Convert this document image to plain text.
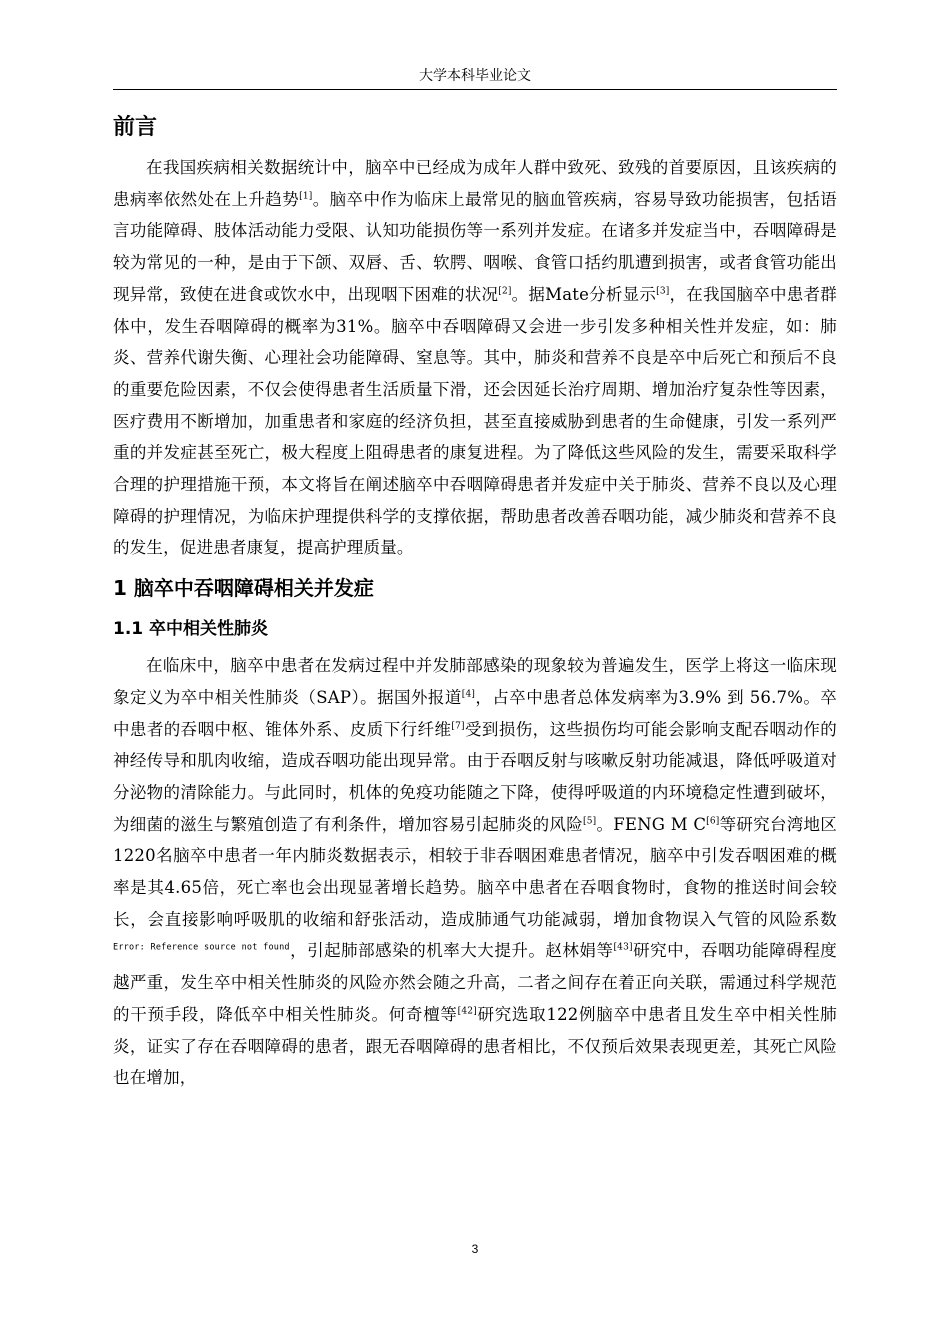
大学本科毕业论文
前言

在我国疾病相关数据统计中，脑卒中已经成为成年人群中致死、致残的首要原因，且该疾病的患病率依然处在上升趋势[1]。脑卒中作为临床上最常见的脑血管疾病，容易导致功能损害，包括语言功能障碍、肢体活动能力受限、认知功能损伤等一系列并发症。在诸多并发症当中，吞咽障碍是较为常见的一种，是由于下颌、双唇、舌、软腭、咽喉、食管口括约肌遭到损害，或者食管功能出现异常，致使在进食或饮水中，出现咽下困难的状况[2]。据Mate分析显示[3]，在我国脑卒中患者群体中，发生吞咽障碍的概率为31%。脑卒中吞咽障碍又会进一步引发多种相关性并发症，如：肺炎、营养代谢失衡、心理社会功能障碍、窒息等。其中，肺炎和营养不良是卒中后死亡和预后不良的重要危险因素，不仅会使得患者生活质量下滑，还会因延长治疗周期、增加治疗复杂性等因素，医疗费用不断增加，加重患者和家庭的经济负担，甚至直接威胁到患者的生命健康，引发一系列严重的并发症甚至死亡，极大程度上阻碍患者的康复进程。为了降低这些风险的发生，需要采取科学合理的护理措施干预，本文将旨在阐述脑卒中吞咽障碍患者并发症中关于肺炎、营养不良以及心理障碍的护理情况，为临床护理提供科学的支撑依据，帮助患者改善吞咽功能，减少肺炎和营养不良的发生，促进患者康复，提高护理质量。

1 脑卒中吞咽障碍相关并发症
1.1 卒中相关性肺炎

在临床中，脑卒中患者在发病过程中并发肺部感染的现象较为普遍发生，医学上将这一临床现象定义为卒中相关性肺炎（SAP）。据国外报道[4]，占卒中患者总体发病率为3.9% 到 56.7%。卒中患者的吞咽中枢、锥体外系、皮质下行纤维[7]受到损伤，这些损伤均可能会影响支配吞咽动作的神经传导和肌肉收缩，造成吞咽功能出现异常。由于吞咽反射与咳嗽反射功能减退，降低呼吸道对分泌物的清除能力。与此同时，机体的免疫功能随之下降，使得呼吸道的内环境稳定性遭到破坏，为细菌的滋生与繁殖创造了有利条件，增加容易引起肺炎的风险[5]。FENG M C[6]等研究台湾地区1220名脑卒中患者一年内肺炎数据表示，相较于非吞咽困难患者情况，脑卒中引发吞咽困难的概率是其4.65倍，死亡率也会出现显著增长趋势。脑卒中患者在吞咽食物时，食物的推送时间会较长，会直接影响呼吸肌的收缩和舒张活动，造成肺通气功能减弱，增加食物误入气管的风险系数$^{Error: Reference source not found}$，引起肺部感染的机率大大提升。赵林娟等[43]研究中，吞咽功能障碍程度越严重，发生卒中相关性肺炎的风险亦然会随之升高，二者之间存在着正向关联，需通过科学规范的干预手段，降低卒中相关性肺炎。何奇檀等[42]研究选取122例脑卒中患者且发生卒中相关性肺炎，证实了存在吞咽障碍的患者，跟无吞咽障碍的患者相比，不仅预后效果表现更差，其死亡风险也在增加，

3
